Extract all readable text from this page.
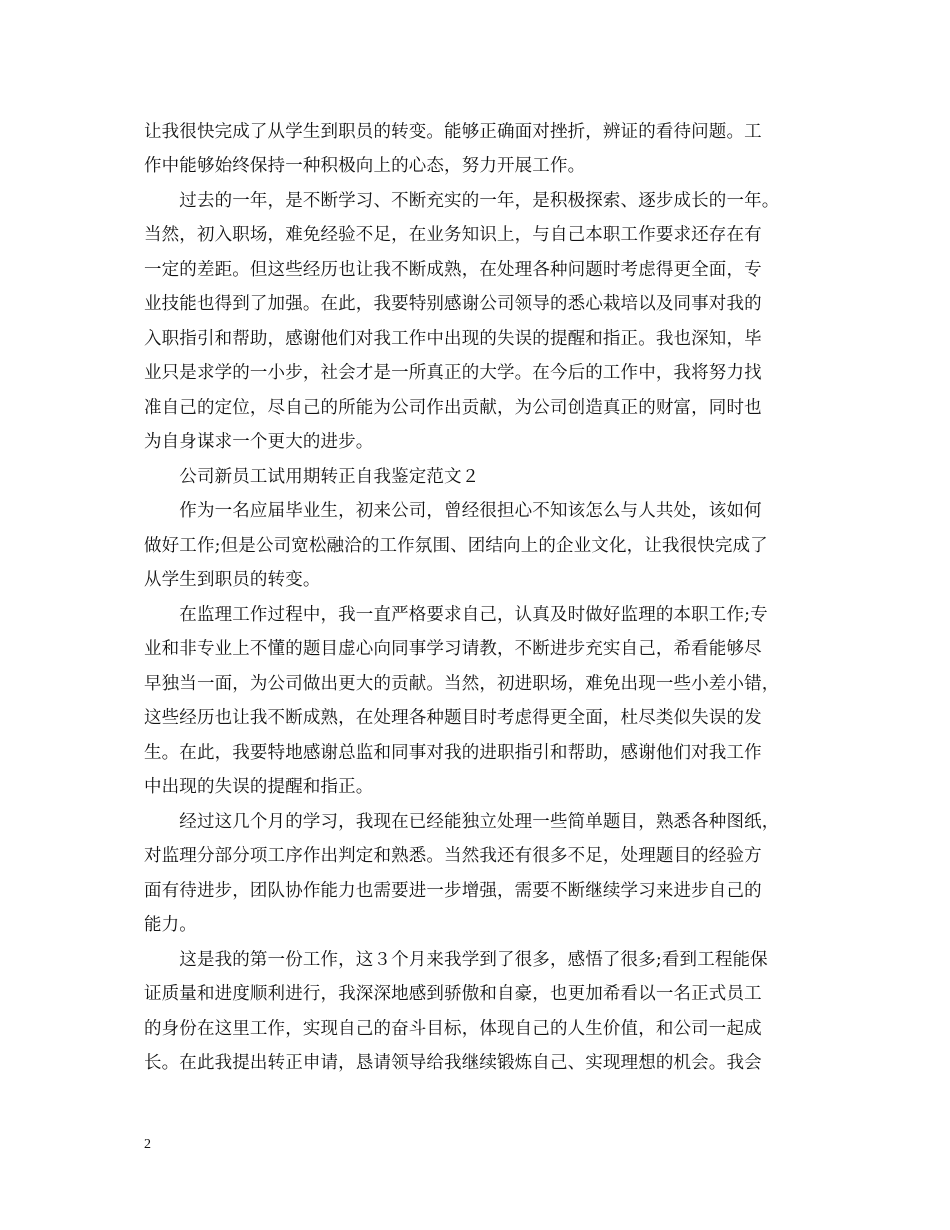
让我很快完成了从学生到职员的转变。能够正确面对挫折，辨证的看待问题。工
作中能够始终保持一种积极向上的心态，努力开展工作。
　　过去的一年，是不断学习、不断充实的一年，是积极探索、逐步成长的一年。
当然，初入职场，难免经验不足，在业务知识上，与自己本职工作要求还存在有
一定的差距。但这些经历也让我不断成熟，在处理各种问题时考虑得更全面，专
业技能也得到了加强。在此，我要特别感谢公司领导的悉心栽培以及同事对我的
入职指引和帮助，感谢他们对我工作中出现的失误的提醒和指正。我也深知，毕
业只是求学的一小步，社会才是一所真正的大学。在今后的工作中，我将努力找
准自己的定位，尽自己的所能为公司作出贡献，为公司创造真正的财富，同时也
为自身谋求一个更大的进步。
　　公司新员工试用期转正自我鉴定范文２
　　作为一名应届毕业生，初来公司，曾经很担心不知该怎么与人共处，该如何
做好工作;但是公司宽松融洽的工作氛围、团结向上的企业文化，让我很快完成了
从学生到职员的转变。
　　在监理工作过程中，我一直严格要求自己，认真及时做好监理的本职工作;专
业和非专业上不懂的题目虚心向同事学习请教，不断进步充实自己，希看能够尽
早独当一面，为公司做出更大的贡献。当然，初进职场，难免出现一些小差小错，
这些经历也让我不断成熟，在处理各种题目时考虑得更全面，杜尽类似失误的发
生。在此，我要特地感谢总监和同事对我的进职指引和帮助，感谢他们对我工作
中出现的失误的提醒和指正。
　　经过这几个月的学习，我现在已经能独立处理一些简单题目，熟悉各种图纸，
对监理分部分项工序作出判定和熟悉。当然我还有很多不足，处理题目的经验方
面有待进步，团队协作能力也需要进一步增强，需要不断继续学习来进步自己的
能力。
　　这是我的第一份工作，这３个月来我学到了很多，感悟了很多;看到工程能保
证质量和进度顺利进行，我深深地感到骄傲和自豪，也更加希看以一名正式员工
的身份在这里工作，实现自己的奋斗目标，体现自己的人生价值，和公司一起成
长。在此我提出转正申请，恳请领导给我继续锻炼自己、实现理想的机会。我会
2
